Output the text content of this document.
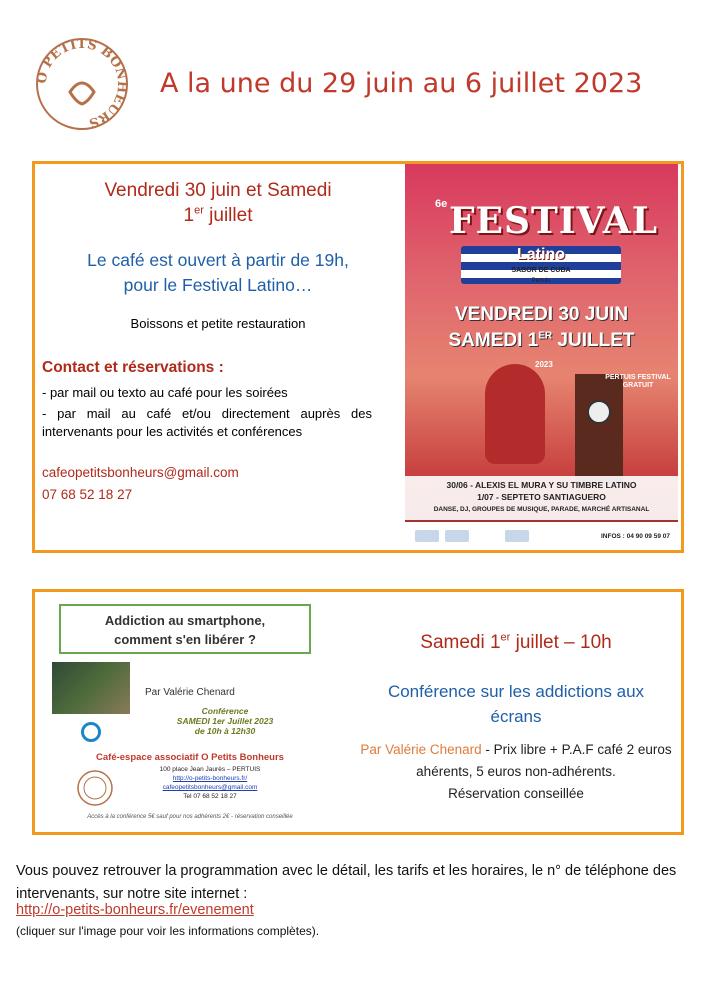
O PETITS BONHEURS
A la une du 29 juin au 6 juillet 2023
Vendredi 30 juin et Samedi
1er juillet
Le café est ouvert à partir de 19h,
pour le Festival Latino…
Boissons et petite restauration
Contact et réservations :

- par mail ou texto au café pour les soirées

- par mail au café et/ou directement auprès des intervenants pour les activités et conférences

cafeopetitsbonheurs@gmail.com
07 68 52 18 27
6e FESTIVAL
Latino
SABOR DE CUBA
Pertuis
VENDREDI 30 JUIN
SAMEDI 1ER JUILLET
2023
PERTUIS FESTIVAL GRATUIT
30/06 - ALEXIS EL MURA Y SU TIMBRE LATINO
1/07 - SEPTETO SANTIAGUERO
DANSE, DJ, GROUPES DE MUSIQUE, PARADE, MARCHÉ ARTISANAL
INFOS : 04 90 09 59 07
Addiction au smartphone,
comment s'en libérer ?
Par Valérie Chenard
Conférence
SAMEDI 1er Juillet 2023
de 10h à 12h30
Café-espace associatif O Petits Bonheurs
100 place Jean Jaurès – PERTUIS
http://o-petits-bonheurs.fr/
cafeopetitsbonheurs@gmail.com
Tel 07 68 52 18 27
Accès à la conférence 5€ sauf pour nos adhérents 2€ - réservation conseillée
Samedi 1er juillet – 10h
Conférence sur les addictions aux
écrans
Par Valérie Chenard - Prix libre + P.A.F café 2 euros ahérents, 5 euros non-adhérents.
Réservation conseillée
Vous pouvez retrouver la programmation avec le détail, les tarifs et les horaires, le n° de téléphone des intervenants, sur notre site internet :
http://o-petits-bonheurs.fr/evenement
(cliquer sur l'image pour voir les informations complètes).
